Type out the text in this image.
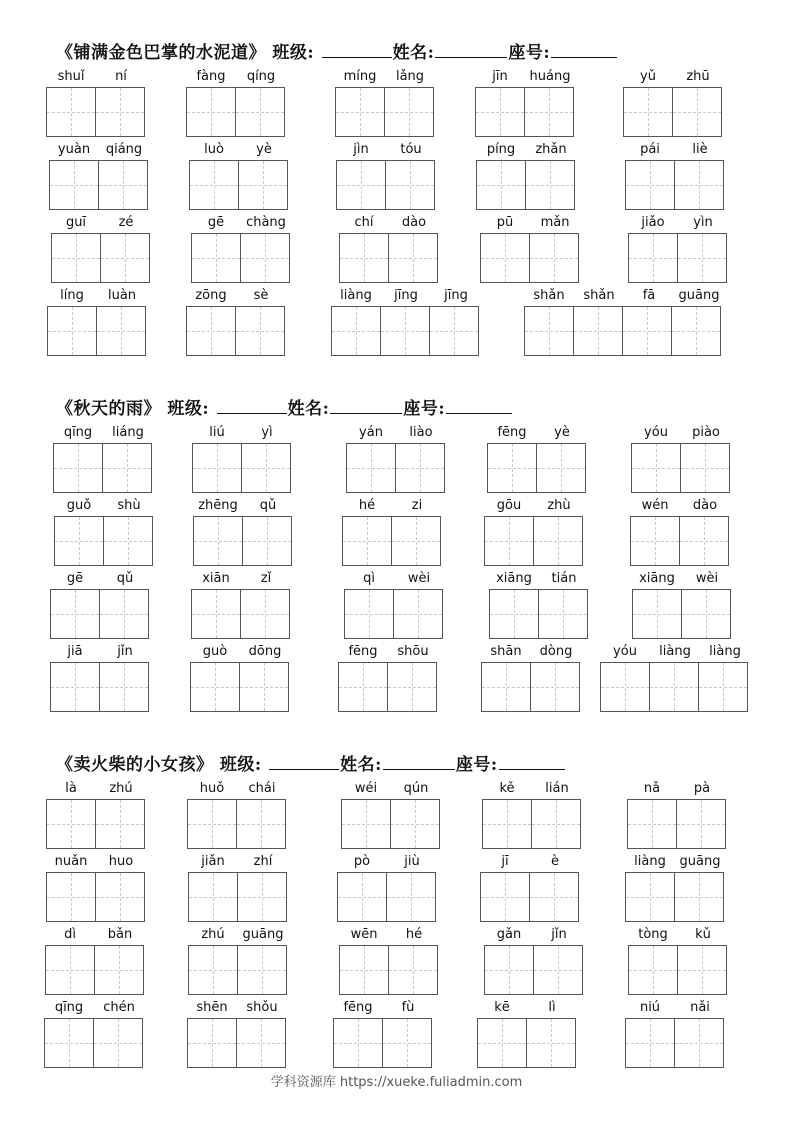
《铺满金色巴掌的水泥道》 班级:	姓名:	座号:
shuǐ	ní	fàng	qíng	míng	lǎng	jīn	huáng	yǔ	zhū
yuàn	qiáng	luò	yè	jìn	tóu	píng	zhǎn	pái	liè
guī	zé	gē	chàng	chí	dào	pū	mǎn	jiǎo	yìn
líng	luàn	zōng	sè	liàng	jīng	jīng	shǎn	shǎn	fā	guāng
《秋天的雨》 班级:	姓名:	座号:
qīng	liáng	liú	yì	yán	liào	fēng	yè	yóu	piào
guǒ	shù	zhēng	qǔ	hé	zi	gōu	zhù	wén	dào
gē	qǔ	xiān	zǐ	qì	wèi	xiāng	tián	xiāng	wèi
jiā	jǐn	guò	dōng	fēng	shōu	shān	dòng	yóu	liàng	liàng
《卖火柴的小女孩》 班级:	姓名:	座号:
là	zhú	huǒ	chái	wéi	qún	kě	lián	nǎ	pà
nuǎn	huo	jiǎn	zhí	pò	jiù	jī	è	liàng	guāng
dì	bǎn	zhú	guāng	wēn	hé	gǎn	jǐn	tòng	kǔ
qīng	chén	shēn	shǒu	fēng	fù	kē	lì	niú	nǎi
学科资源库 https://xueke.fuliadmin.com
